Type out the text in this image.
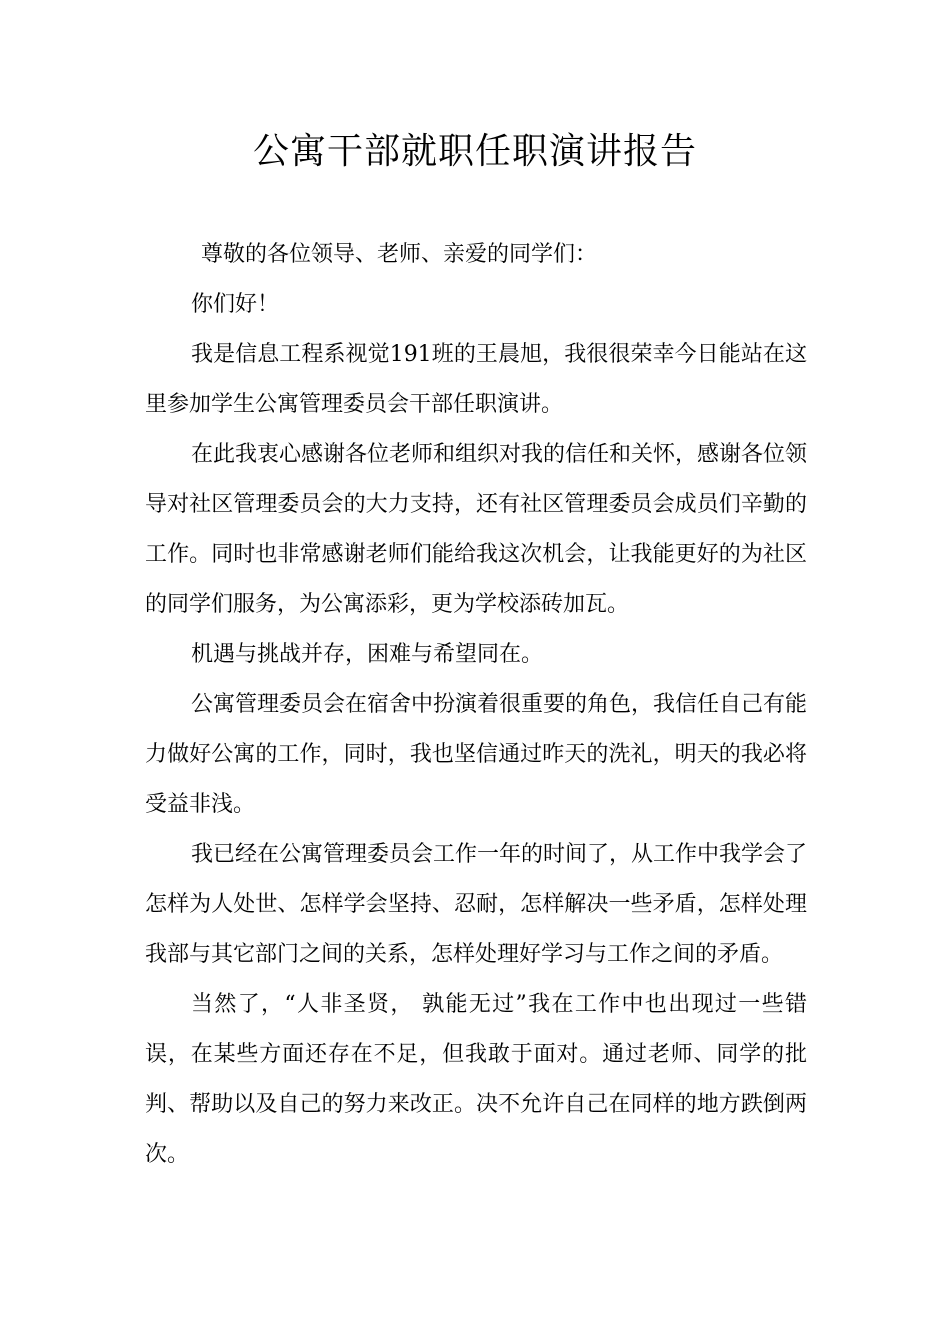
公寓干部就职任职演讲报告

尊敬的各位领导、老师、亲爱的同学们：

你们好！

我是信息工程系视觉191班的王晨旭，我很很荣幸今日能站在这里参加学生公寓管理委员会干部任职演讲。

在此我衷心感谢各位老师和组织对我的信任和关怀，感谢各位领导对社区管理委员会的大力支持，还有社区管理委员会成员们辛勤的工作。同时也非常感谢老师们能给我这次机会，让我能更好的为社区的同学们服务，为公寓添彩，更为学校添砖加瓦。

机遇与挑战并存，困难与希望同在。

公寓管理委员会在宿舍中扮演着很重要的角色，我信任自己有能力做好公寓的工作，同时，我也坚信通过昨天的洗礼，明天的我必将受益非浅。

我已经在公寓管理委员会工作一年的时间了，从工作中我学会了怎样为人处世、怎样学会坚持、忍耐，怎样解决一些矛盾，怎样处理我部与其它部门之间的关系，怎样处理好学习与工作之间的矛盾。

当然了，“人非圣贤， 孰能无过”我在工作中也出现过一些错误，在某些方面还存在不足，但我敢于面对。通过老师、同学的批判、帮助以及自己的努力来改正。决不允许自己在同样的地方跌倒两次。
